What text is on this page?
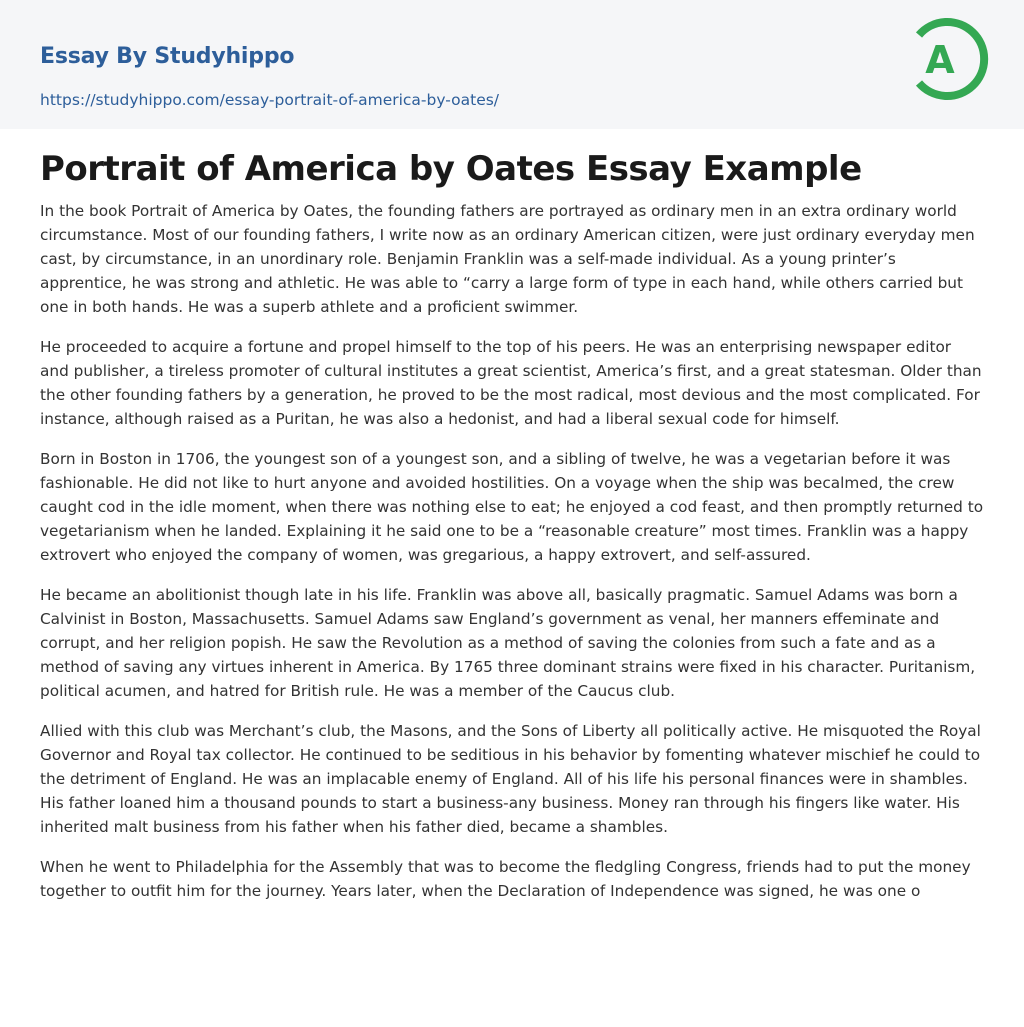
Essay By Studyhippo
https://studyhippo.com/essay-portrait-of-america-by-oates/
A
Portrait of America by Oates Essay Example

In the book Portrait of America by Oates, the founding fathers are portrayed as ordinary men in an extra ordinary world circumstance. Most of our founding fathers, I write now as an ordinary American citizen, were just ordinary everyday men cast, by circumstance, in an unordinary role. Benjamin Franklin was a self-made individual. As a young printer’s apprentice, he was strong and athletic. He was able to “carry a large form of type in each hand, while others carried but one in both hands. He was a superb athlete and a proficient swimmer.

He proceeded to acquire a fortune and propel himself to the top of his peers. He was an enterprising newspaper editor and publisher, a tireless promoter of cultural institutes a great scientist, America’s first, and a great statesman. Older than the other founding fathers by a generation, he proved to be the most radical, most devious and the most complicated. For instance, although raised as a Puritan, he was also a hedonist, and had a liberal sexual code for himself.

Born in Boston in 1706, the youngest son of a youngest son, and a sibling of twelve, he was a vegetarian before it was fashionable. He did not like to hurt anyone and avoided hostilities. On a voyage when the ship was becalmed, the crew caught cod in the idle moment, when there was nothing else to eat; he enjoyed a cod feast, and then promptly returned to vegetarianism when he landed. Explaining it he said one to be a “reasonable creature” most times. Franklin was a happy extrovert who enjoyed the company of women, was gregarious, a happy extrovert, and self-assured.

He became an abolitionist though late in his life. Franklin was above all, basically pragmatic. Samuel Adams was born a Calvinist in Boston, Massachusetts. Samuel Adams saw England’s government as venal, her manners effeminate and corrupt, and her religion popish. He saw the Revolution as a method of saving the colonies from such a fate and as a method of saving any virtues inherent in America. By 1765 three dominant strains were fixed in his character. Puritanism, political acumen, and hatred for British rule. He was a member of the Caucus club.

Allied with this club was Merchant’s club, the Masons, and the Sons of Liberty all politically active. He misquoted the Royal Governor and Royal tax collector. He continued to be seditious in his behavior by fomenting whatever mischief he could to the detriment of England. He was an implacable enemy of England. All of his life his personal finances were in shambles. His father loaned him a thousand pounds to start a business-any business. Money ran through his fingers like water. His inherited malt business from his father when his father died, became a shambles.

When he went to Philadelphia for the Assembly that was to become the fledgling Congress, friends had to put the money together to outfit him for the journey. Years later, when the Declaration of Independence was signed, he was one o
